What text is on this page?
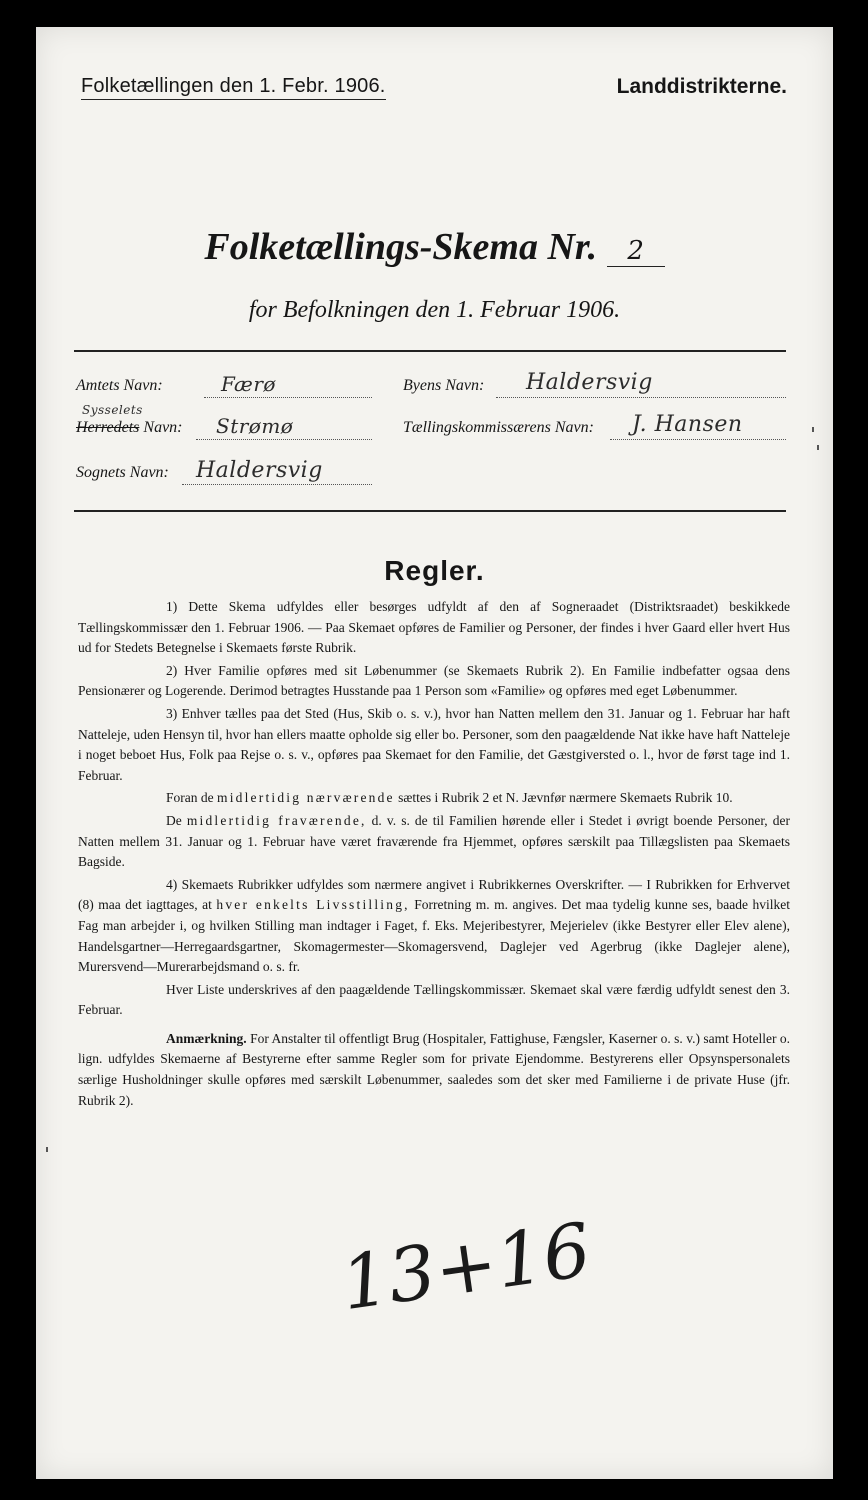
Folketællingen den 1. Febr. 1906.	Landdistrikterne.
Folketællings-Skema Nr. 2
for Befolkningen den 1. Februar 1906.
Amtets Navn:	Færø	Byens Navn: Haldersvig
Sysselets
Herredets Navn: Strømø	Tællingskommissærens Navn: J. Hansen
Sognets Navn: Haldersvig
Regler.

1) Dette Skema udfyldes eller besørges udfyldt af den af Sogneraadet (Distriktsraadet) beskikkede Tællingskommissær den 1. Februar 1906. — Paa Skemaet opføres de Familier og Personer, der findes i hver Gaard eller hvert Hus ud for Stedets Betegnelse i Skemaets første Rubrik.

2) Hver Familie opføres med sit Løbenummer (se Skemaets Rubrik 2). En Familie indbefatter ogsaa dens Pensionærer og Logerende. Derimod betragtes Husstande paa 1 Person som «Familie» og opføres med eget Løbenummer.

3) Enhver tælles paa det Sted (Hus, Skib o. s. v.), hvor han Natten mellem den 31. Januar og 1. Februar har haft Natteleje, uden Hensyn til, hvor han ellers maatte opholde sig eller bo. Personer, som den paagældende Nat ikke have haft Natteleje i noget beboet Hus, Folk paa Rejse o. s. v., opføres paa Skemaet for den Familie, det Gæstgiversted o. l., hvor de først tage ind 1. Februar.

Foran de midlertidig nærværende sættes i Rubrik 2 et N. Jævnfør nærmere Skemaets Rubrik 10.

De midlertidig fraværende, d. v. s. de til Familien hørende eller i Stedet i øvrigt boende Personer, der Natten mellem 31. Januar og 1. Februar have været fraværende fra Hjemmet, opføres særskilt paa Tillægslisten paa Skemaets Bagside.

4) Skemaets Rubrikker udfyldes som nærmere angivet i Rubrikkernes Overskrifter. — I Rubrikken for Erhvervet (8) maa det iagttages, at hver enkelts Livsstilling, Forretning m. m. angives. Det maa tydelig kunne ses, baade hvilket Fag man arbejder i, og hvilken Stilling man indtager i Faget, f. Eks. Mejeribestyrer, Mejerielev (ikke Bestyrer eller Elev alene), Handelsgartner—Herregaardsgartner, Skomagermester—Skomagersvend, Daglejer ved Agerbrug (ikke Daglejer alene), Murersvend—Murerarbejdsmand o. s. fr.

Hver Liste underskrives af den paagældende Tællingskommissær. Skemaet skal være færdig udfyldt senest den 3. Februar.

Anmærkning. For Anstalter til offentligt Brug (Hospitaler, Fattighuse, Fængsler, Kaserner o. s. v.) samt Hoteller o. lign. udfyldes Skemaerne af Bestyrerne efter samme Regler som for private Ejendomme. Bestyrerens eller Opsynspersonalets særlige Husholdninger skulle opføres med særskilt Løbenummer, saaledes som det sker med Familierne i de private Huse (jfr. Rubrik 2).

13+16
